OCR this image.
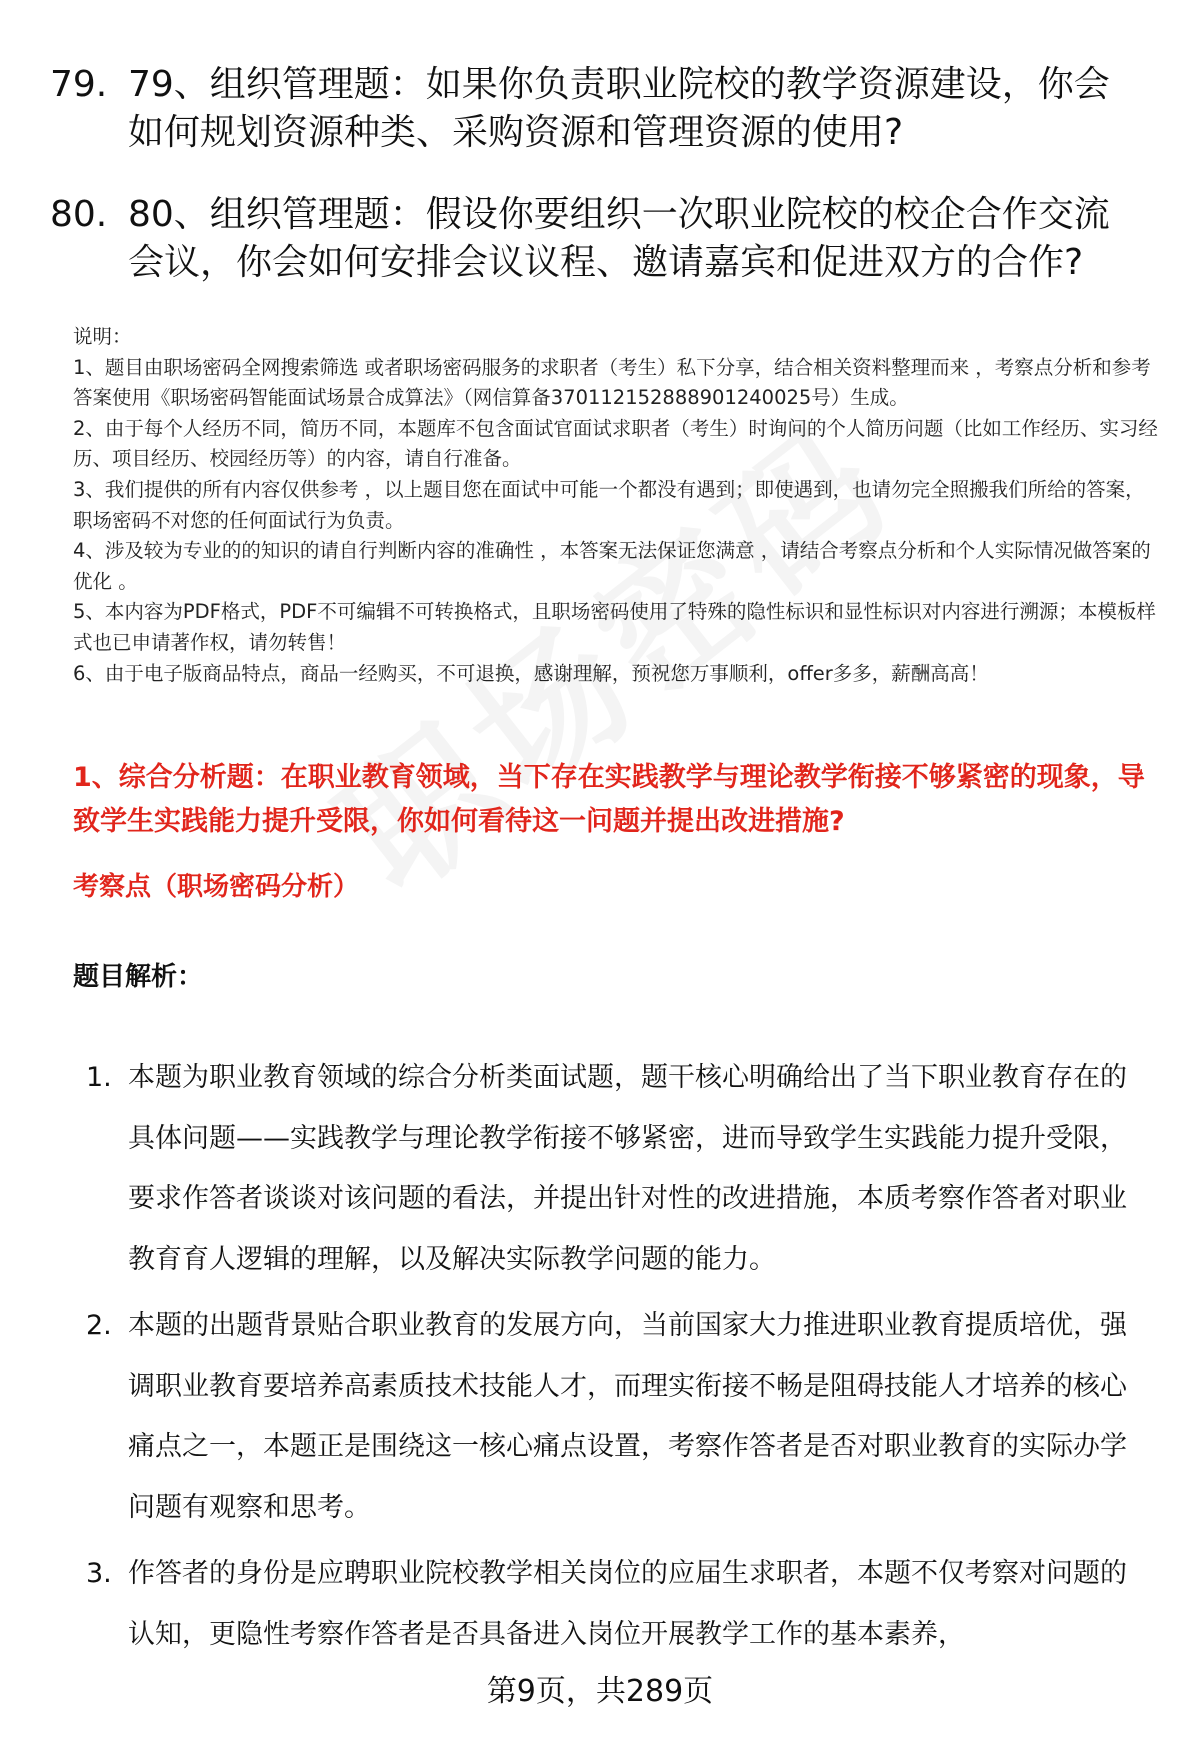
79. 79、组织管理题：如果你负责职业院校的教学资源建设，你会如何规划资源种类、采购资源和管理资源的使用?
80. 80、组织管理题：假设你要组织一次职业院校的校企合作交流会议，你会如何安排会议议程、邀请嘉宾和促进双方的合作?

说明：

1、题目由职场密码全网搜索筛选 或者职场密码服务的求职者（考生）私下分享，结合相关资料整理而来 ，考察点分析和参考答案使用《职场密码智能面试场景合成算法》（网信算备370112152888901240025号）生成。

2、由于每个人经历不同，简历不同，本题库不包含面试官面试求职者（考生）时询问的个人简历问题（比如工作经历、实习经历、项目经历、校园经历等）的内容，请自行准备。

3、我们提供的所有内容仅供参考 ，以上题目您在面试中可能一个都没有遇到；即使遇到，也请勿完全照搬我们所给的答案，职场密码不对您的任何面试行为负责。

4、涉及较为专业的的知识的请自行判断内容的准确性 ，本答案无法保证您满意 ，请结合考察点分析和个人实际情况做答案的优化 。

5、本内容为PDF格式，PDF不可编辑不可转换格式，且职场密码使用了特殊的隐性标识和显性标识对内容进行溯源；本模板样式也已申请著作权，请勿转售！

6、由于电子版商品特点，商品一经购买，不可退换，感谢理解，预祝您万事顺利，offer多多，薪酬高高！

1、综合分析题：在职业教育领域，当下存在实践教学与理论教学衔接不够紧密的现象，导致学生实践能力提升受限，你如何看待这一问题并提出改进措施?
考察点（职场密码分析）
题目解析：
1. 本题为职业教育领域的综合分析类面试题，题干核心明确给出了当下职业教育存在的具体问题——实践教学与理论教学衔接不够紧密，进而导致学生实践能力提升受限，要求作答者谈谈对该问题的看法，并提出针对性的改进措施，本质考察作答者对职业教育育人逻辑的理解，以及解决实际教学问题的能力。
2. 本题的出题背景贴合职业教育的发展方向，当前国家大力推进职业教育提质培优，强调职业教育要培养高素质技术技能人才，而理实衔接不畅是阻碍技能人才培养的核心痛点之一，本题正是围绕这一核心痛点设置，考察作答者是否对职业教育的实际办学问题有观察和思考。
3. 作答者的身份是应聘职业院校教学相关岗位的应届生求职者，本题不仅考察对问题的认知，更隐性考察作答者是否具备进入岗位开展教学工作的基本素养，
第9页，共289页
